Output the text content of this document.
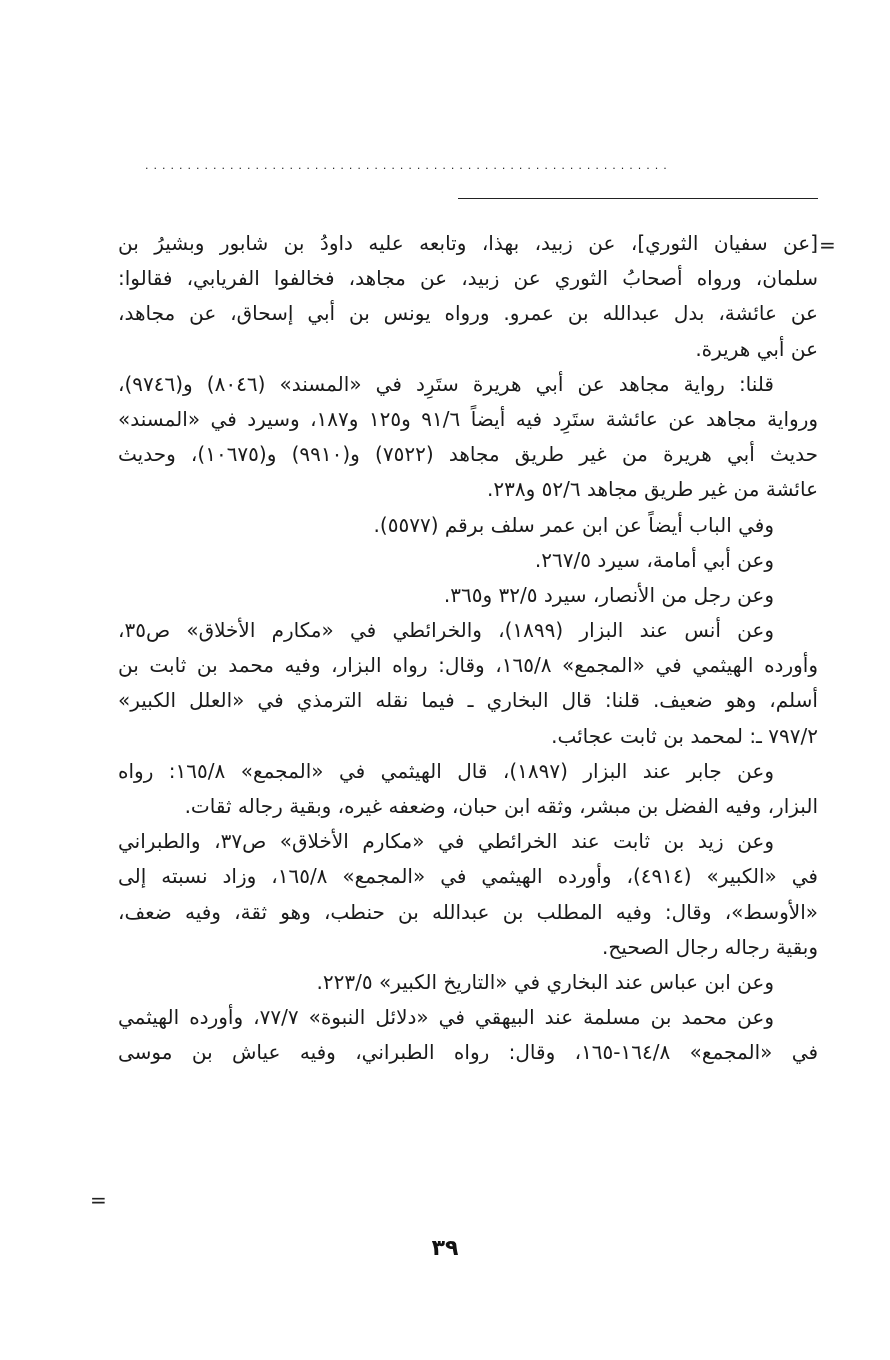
..............................................................
=
=
[عن سفيان الثوري]، عن زبيد، بهذا، وتابعه عليه داودُ بن شابور وبشيرُ بن
سلمان، ورواه أصحابُ الثوري عن زبيد، عن مجاهد، فخالفوا الفريابي، فقالوا:
عن عائشة، بدل عبدالله بن عمرو. ورواه يونس بن أبي إسحاق، عن مجاهد،
عن أبي هريرة.
قلنا: رواية مجاهد عن أبي هريرة ستَرِد في «المسند» (٨٠٤٦) و(٩٧٤٦)،
ورواية مجاهد عن عائشة ستَرِد فيه أيضاً ٩١/٦ و١٢٥ و١٨٧، وسيرد في «المسند»
حديث أبي هريرة من غير طريق مجاهد (٧٥٢٢) و(٩٩١٠) و(١٠٦٧٥)، وحديث
عائشة من غير طريق مجاهد ٥٢/٦ و٢٣٨.
وفي الباب أيضاً عن ابن عمر سلف برقم (٥٥٧٧).
وعن أبي أمامة، سيرد ٢٦٧/٥.
وعن رجل من الأنصار، سيرد ٣٢/٥ و٣٦٥.
وعن أنس عند البزار (١٨٩٩)، والخرائطي في «مكارم الأخلاق» ص٣٥،
وأورده الهيثمي في «المجمع» ١٦٥/٨، وقال: رواه البزار، وفيه محمد بن ثابت بن
أسلم، وهو ضعيف. قلنا: قال البخاري ـ فيما نقله الترمذي في «العلل الكبير»
٧٩٧/٢ ـ: لمحمد بن ثابت عجائب.
وعن جابر عند البزار (١٨٩٧)، قال الهيثمي في «المجمع» ١٦٥/٨: رواه
البزار، وفيه الفضل بن مبشر، وثقه ابن حبان، وضعفه غيره، وبقية رجاله ثقات.
وعن زيد بن ثابت عند الخرائطي في «مكارم الأخلاق» ص٣٧، والطبراني
في «الكبير» (٤٩١٤)، وأورده الهيثمي في «المجمع» ١٦٥/٨، وزاد نسبته إلى
«الأوسط»، وقال: وفيه المطلب بن عبدالله بن حنطب، وهو ثقة، وفيه ضعف،
وبقية رجاله رجال الصحيح.
وعن ابن عباس عند البخاري في «التاريخ الكبير» ٢٢٣/٥.
وعن محمد بن مسلمة عند البيهقي في «دلائل النبوة» ٧٧/٧، وأورده الهيثمي
في «المجمع» ١٦٤/٨-١٦٥، وقال: رواه الطبراني، وفيه عياش بن موسى
٣٩
